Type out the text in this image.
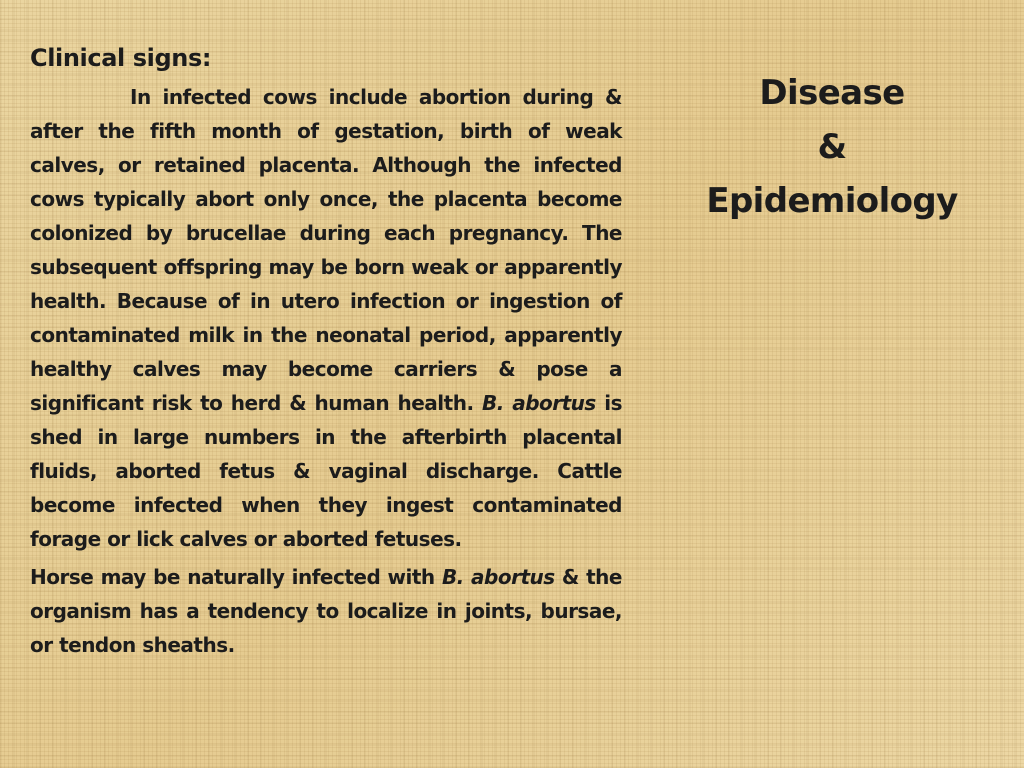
Clinical signs:

In infected cows include abortion during & after the fifth month of gestation, birth of weak calves, or retained placenta. Although the infected cows typically abort only once, the placenta become colonized by brucellae during each pregnancy. The subsequent offspring may be born weak or apparently health. Because of in utero infection or ingestion of contaminated milk in the neonatal period, apparently healthy calves may become carriers & pose a significant risk to herd & human health. B. abortus is shed in large numbers in the afterbirth placental fluids, aborted fetus & vaginal discharge. Cattle become infected when they ingest contaminated forage or lick calves or aborted fetuses.

Horse may be naturally infected with B. abortus & the organism has a tendency to localize in joints, bursae, or tendon sheaths.

Disease
&
Epidemiology
